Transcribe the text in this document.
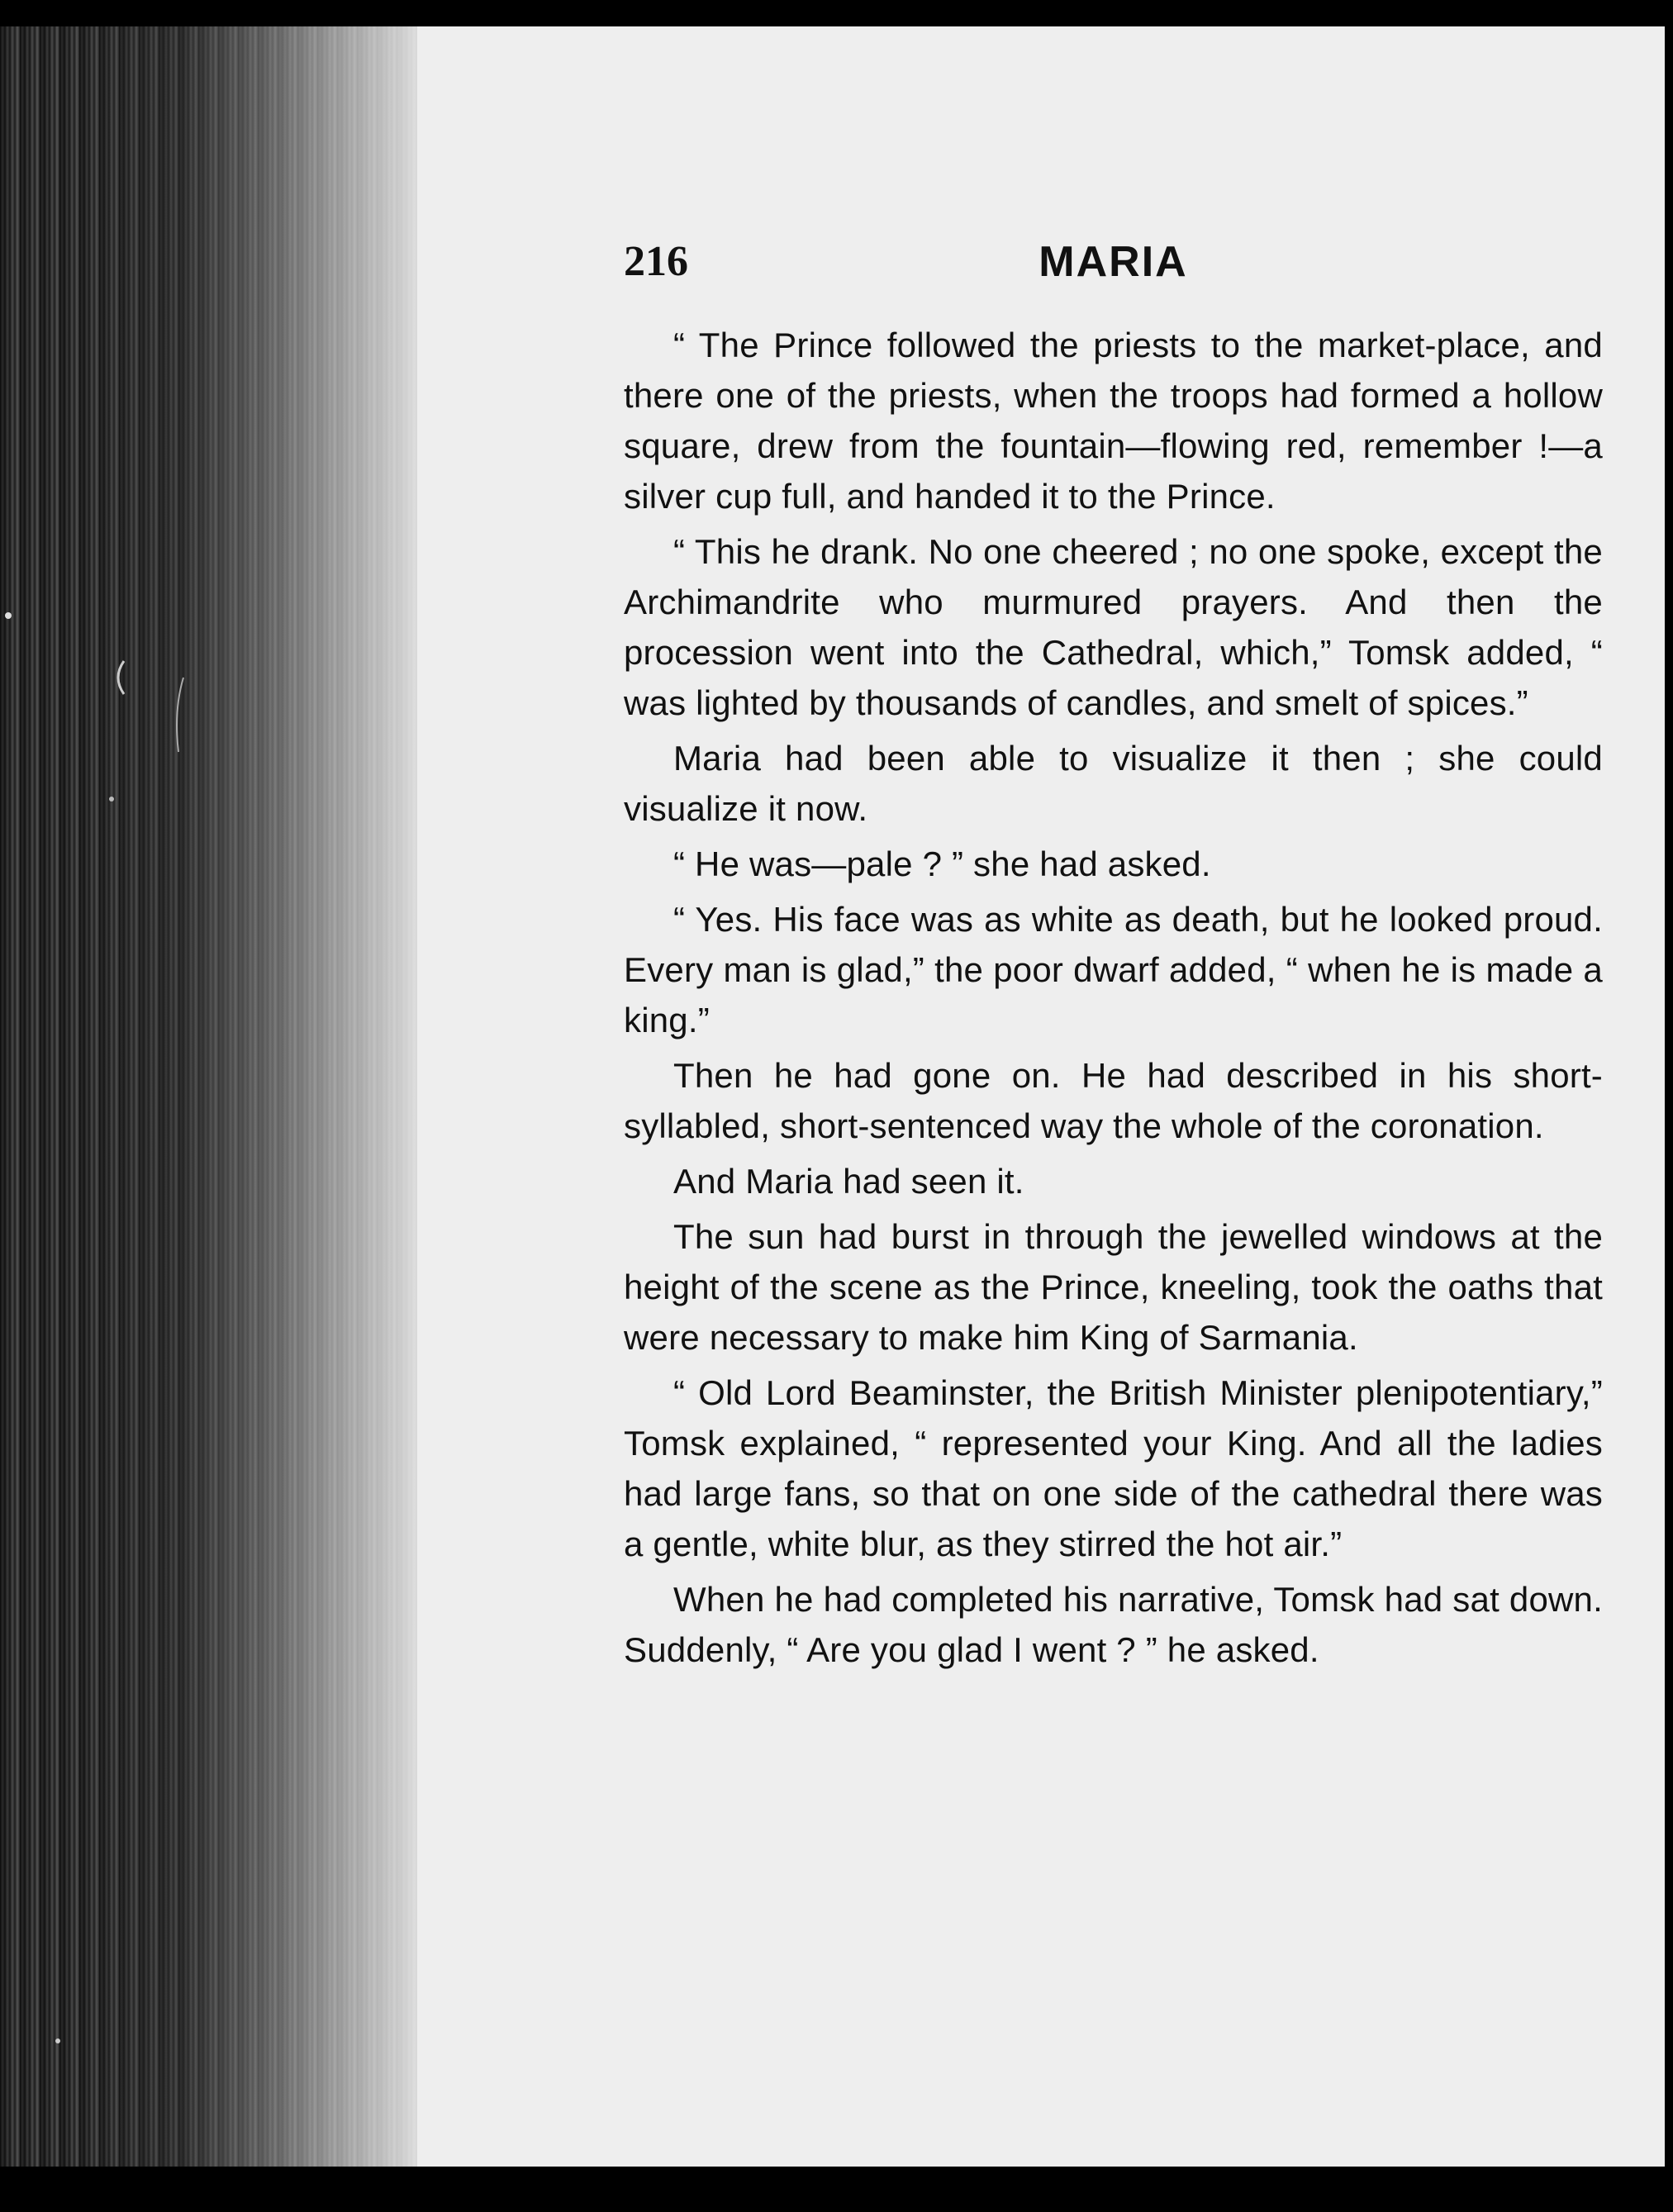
216	MARIA

“ The Prince followed the priests to the market-place, and there one of the priests, when the troops had formed a hollow square, drew from the fountain—flowing red, remember !—a silver cup full, and handed it to the Prince.

“ This he drank. No one cheered ; no one spoke, except the Archimandrite who murmured prayers. And then the procession went into the Cathedral, which,” Tomsk added, “ was lighted by thousands of candles, and smelt of spices.”

Maria had been able to visualize it then ; she could visualize it now.

“ He was—pale ? ” she had asked.

“ Yes. His face was as white as death, but he looked proud. Every man is glad,” the poor dwarf added, “ when he is made a king.”

Then he had gone on. He had described in his short-syllabled, short-sentenced way the whole of the coronation.

And Maria had seen it.

The sun had burst in through the jewelled windows at the height of the scene as the Prince, kneeling, took the oaths that were necessary to make him King of Sarmania.

“ Old Lord Beaminster, the British Minister plenipotentiary,” Tomsk explained, “ represented your King. And all the ladies had large fans, so that on one side of the cathedral there was a gentle, white blur, as they stirred the hot air.”

When he had completed his narrative, Tomsk had sat down. Suddenly, “ Are you glad I went ? ” he asked.
